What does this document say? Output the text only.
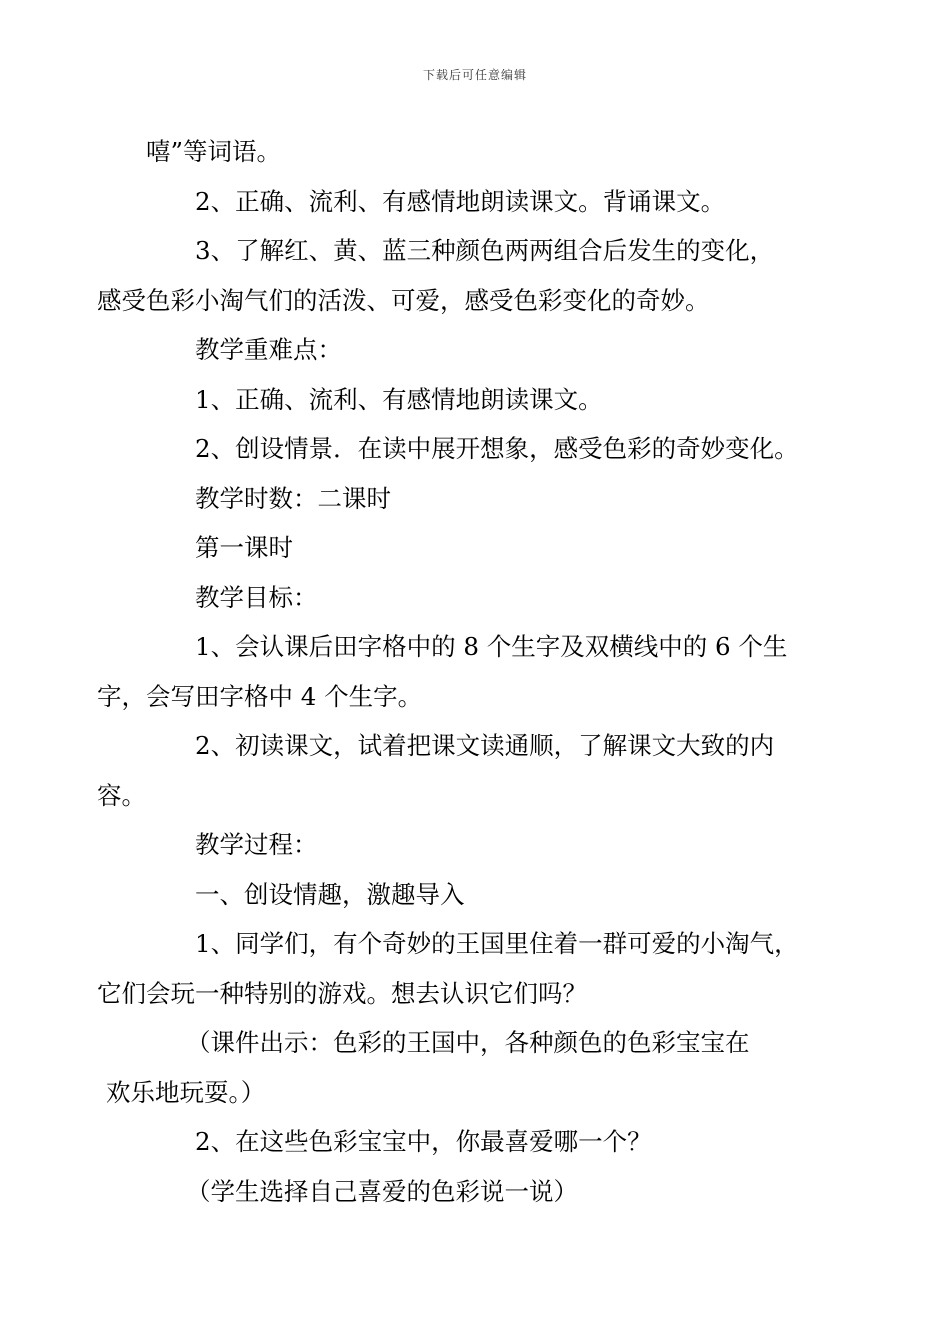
下载后可任意编辑

嘻”等词语。

2、正确、流利、有感情地朗读课文。背诵课文。

3、了解红、黄、蓝三种颜色两两组合后发生的变化，
感受色彩小淘气们的活泼、可爱，感受色彩变化的奇妙。

教学重难点：

1、正确、流利、有感情地朗读课文。

2、创设情景．在读中展开想象，感受色彩的奇妙变化。

教学时数：二课时

第一课时

教学目标：

1、会认课后田字格中的 8 个生字及双横线中的 6 个生
字，会写田字格中 4 个生字。

2、初读课文，试着把课文读通顺，了解课文大致的内
容。

教学过程：

一、创设情趣，激趣导入

1、同学们，有个奇妙的王国里住着一群可爱的小淘气，
它们会玩一种特别的游戏。想去认识它们吗？

（课件出示：色彩的王国中，各种颜色的色彩宝宝在
欢乐地玩耍。）

2、在这些色彩宝宝中，你最喜爱哪一个？

（学生选择自己喜爱的色彩说一说）
